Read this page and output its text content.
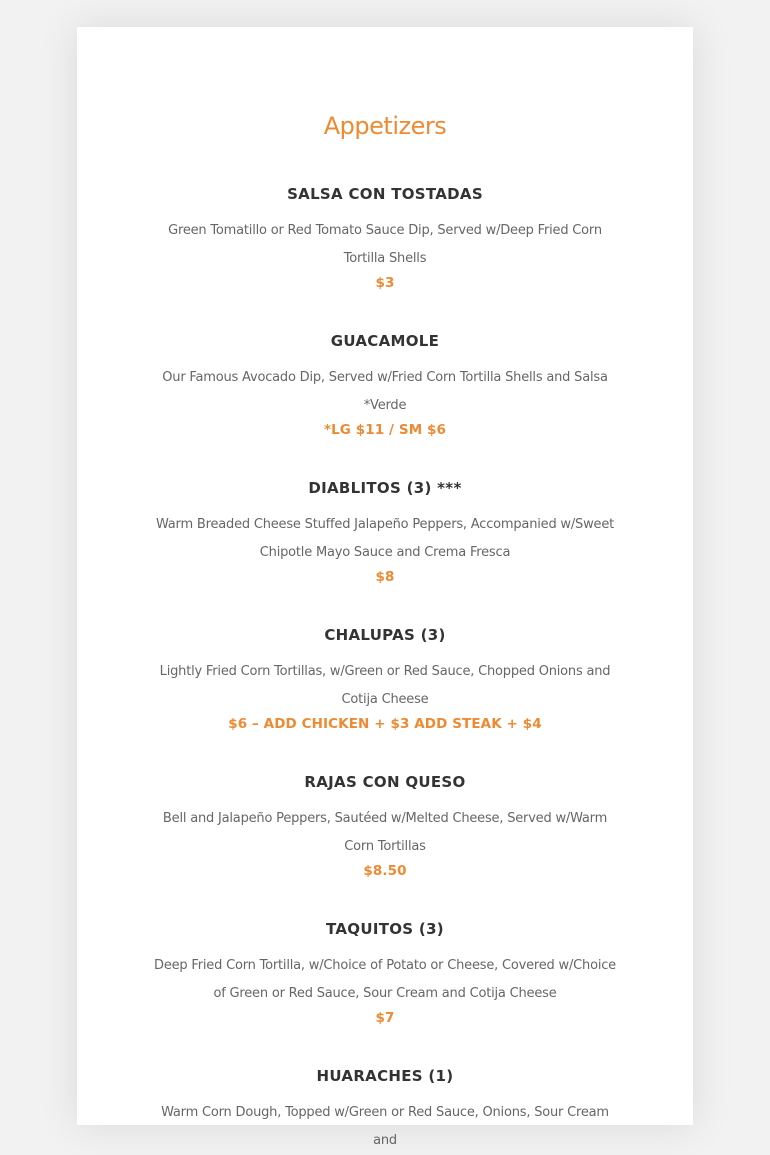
Appetizers
SALSA CON TOSTADAS

Green Tomatillo or Red Tomato Sauce Dip, Served w/Deep Fried Corn Tortilla Shells

$3

GUACAMOLE

Our Famous Avocado Dip, Served w/Fried Corn Tortilla Shells and Salsa *Verde

*LG $11 / SM $6

DIABLITOS (3) ***

Warm Breaded Cheese Stuffed Jalapeño Peppers, Accompanied w/Sweet Chipotle Mayo Sauce and Crema Fresca

$8

CHALUPAS (3)

Lightly Fried Corn Tortillas, w/Green or Red Sauce, Chopped Onions and Cotija Cheese

$6 – ADD CHICKEN + $3 ADD STEAK + $4

RAJAS CON QUESO

Bell and Jalapeño Peppers, Sautéed w/Melted Cheese, Served w/Warm Corn Tortillas

$8.50

TAQUITOS (3)

Deep Fried Corn Tortilla, w/Choice of Potato or Cheese, Covered w/Choice of Green or Red Sauce, Sour Cream and Cotija Cheese

$7

HUARACHES (1)

Warm Corn Dough, Topped w/Green or Red Sauce, Onions, Sour Cream and
